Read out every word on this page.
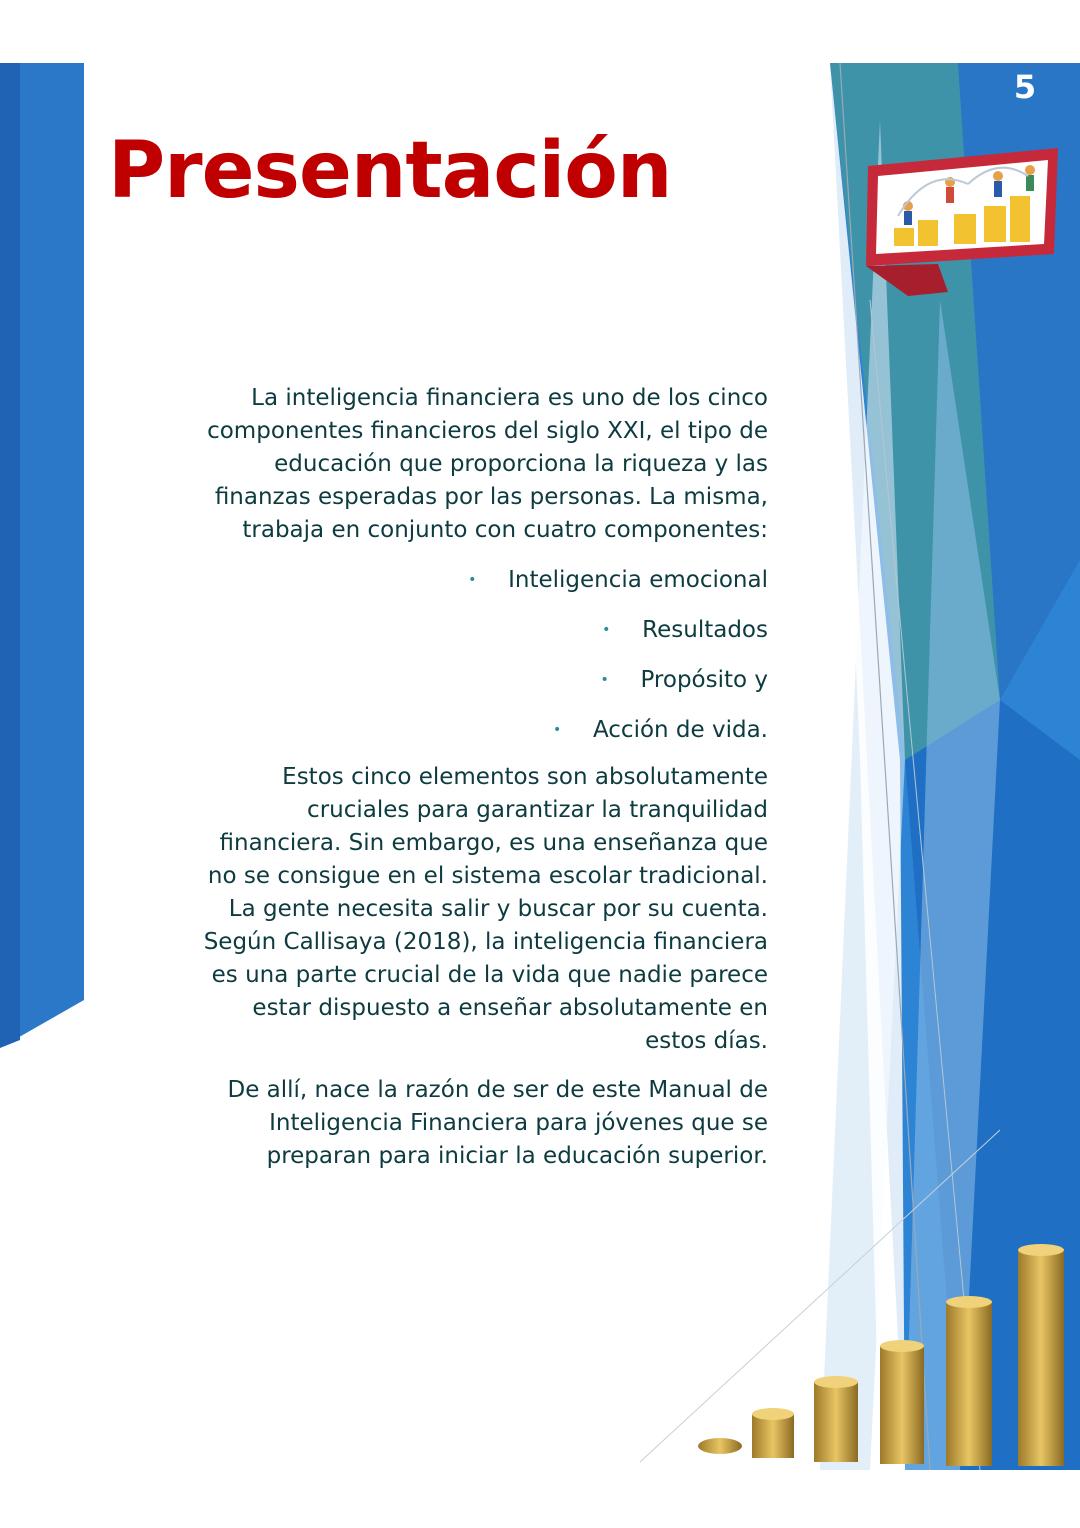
5
Presentación

La inteligencia financiera es uno de los cinco componentes financieros del siglo XXI, el tipo de educación que proporciona la riqueza y las finanzas esperadas por las personas. La misma, trabaja en conjunto con cuatro componentes:

•	Inteligencia emocional
•	Resultados
•	Propósito y
•	Acción de vida.

Estos cinco elementos son absolutamente cruciales para garantizar la tranquilidad financiera. Sin embargo, es una enseñanza que no se consigue en el sistema escolar tradicional. La gente necesita salir y buscar por su cuenta. Según Callisaya (2018), la inteligencia financiera es una parte crucial de la vida que nadie parece estar dispuesto a enseñar absolutamente en estos días.

De allí, nace la razón de ser de este Manual de Inteligencia Financiera para jóvenes que se preparan para iniciar la educación superior.
